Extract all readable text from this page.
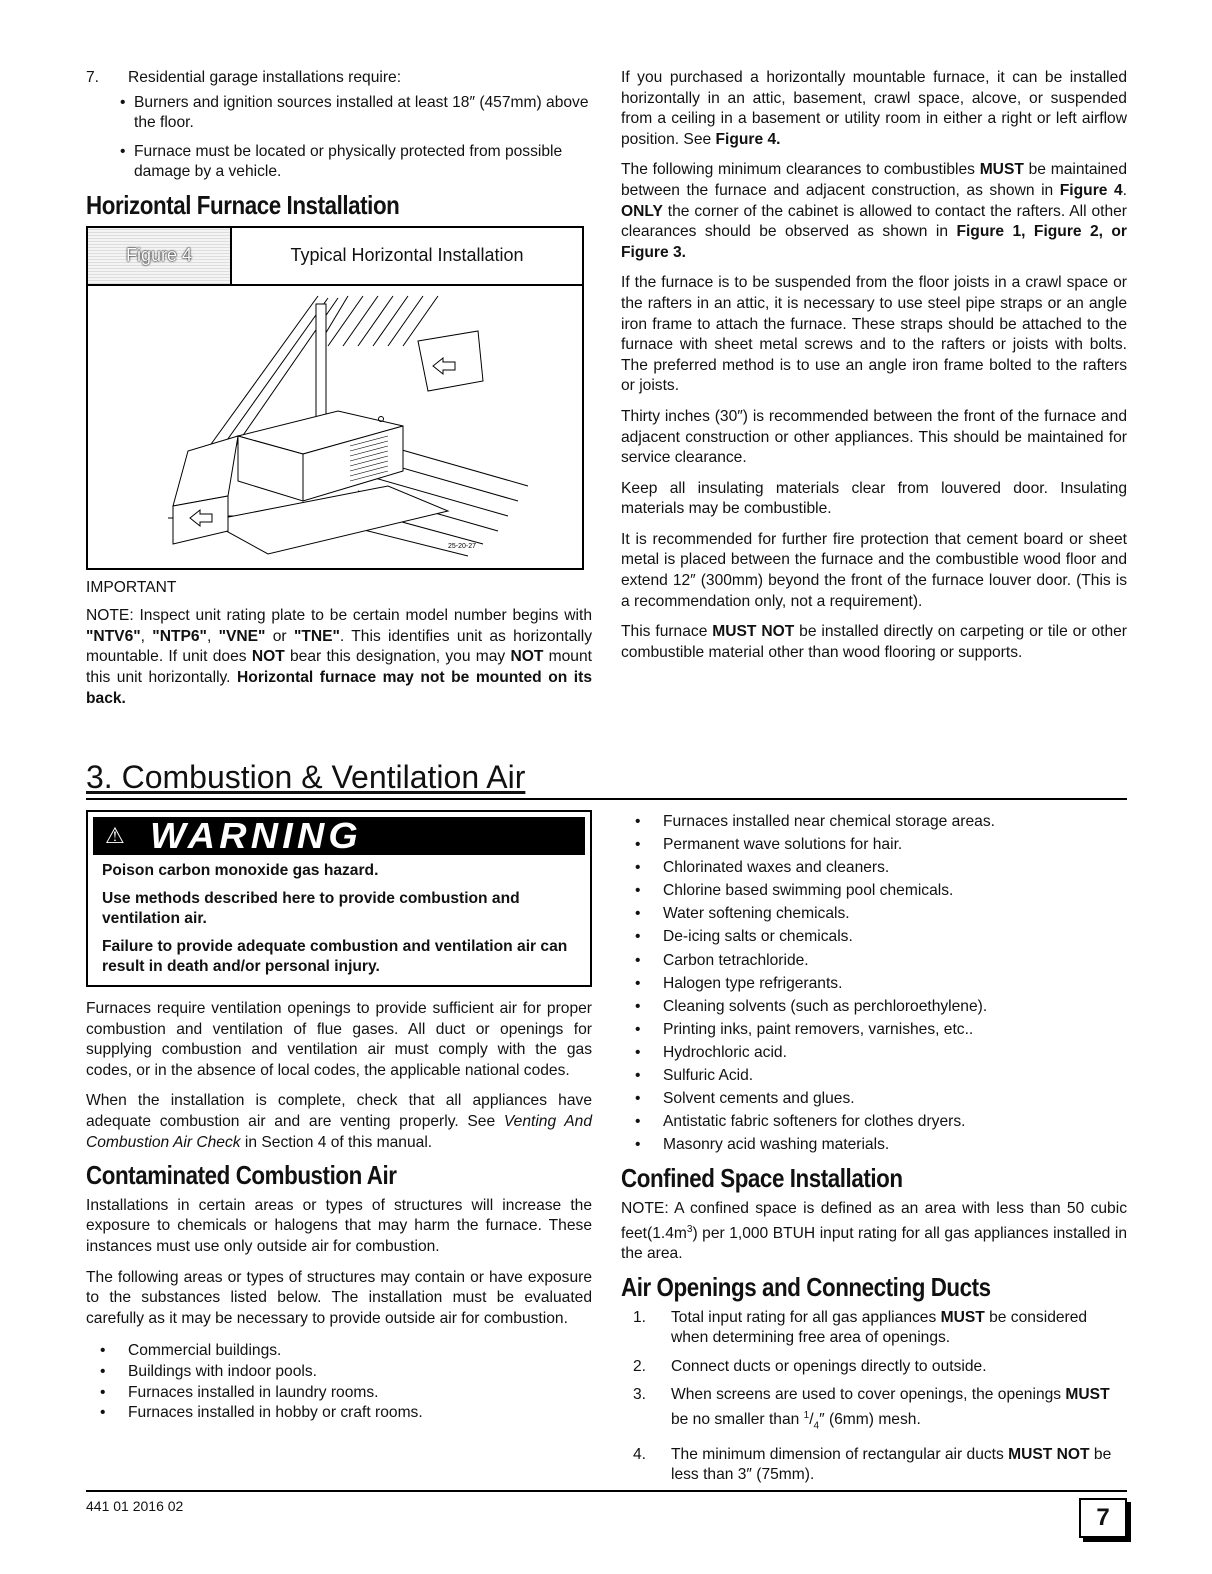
7. Residential garage installations require:
• Burners and ignition sources installed at least 18″ (457mm) above the floor.
• Furnace must be located or physically protected from possible damage by a vehicle.
Horizontal Furnace Installation
Figure 4	Typical Horizontal Installation
25-20-27
IMPORTANT

NOTE: Inspect unit rating plate to be certain model number begins with "NTV6", "NTP6", "VNE" or "TNE". This identifies unit as horizontally mountable. If unit does NOT bear this designation, you may NOT mount this unit horizontally. Horizontal furnace may not be mounted on its back.

If you purchased a horizontally mountable furnace, it can be installed horizontally in an attic, basement, crawl space, alcove, or suspended from a ceiling in a basement or utility room in either a right or left airflow position. See Figure 4.

The following minimum clearances to combustibles MUST be maintained between the furnace and adjacent construction, as shown in Figure 4. ONLY the corner of the cabinet is allowed to contact the rafters. All other clearances should be observed as shown in Figure 1, Figure 2, or Figure 3.

If the furnace is to be suspended from the floor joists in a crawl space or the rafters in an attic, it is necessary to use steel pipe straps or an angle iron frame to attach the furnace. These straps should be attached to the furnace with sheet metal screws and to the rafters or joists with bolts. The preferred method is to use an angle iron frame bolted to the rafters or joists.

Thirty inches (30″) is recommended between the front of the furnace and adjacent construction or other appliances. This should be maintained for service clearance.

Keep all insulating materials clear from louvered door. Insulating materials may be combustible.

It is recommended for further fire protection that cement board or sheet metal is placed between the furnace and the combustible wood floor and extend 12″ (300mm) beyond the front of the furnace louver door. (This is a recommendation only, not a requirement).

This furnace MUST NOT be installed directly on carpeting or tile or other combustible material other than wood flooring or supports.

3. Combustion & Ventilation Air
⚠ WARNING

Poison carbon monoxide gas hazard.

Use methods described here to provide combustion and ventilation air.

Failure to provide adequate combustion and ventilation air can result in death and/or personal injury.

Furnaces require ventilation openings to provide sufficient air for proper combustion and ventilation of flue gases. All duct or openings for supplying combustion and ventilation air must comply with the gas codes, or in the absence of local codes, the applicable national codes.

When the installation is complete, check that all appliances have adequate combustion air and are venting properly. See Venting And Combustion Air Check in Section 4 of this manual.

Contaminated Combustion Air

Installations in certain areas or types of structures will increase the exposure to chemicals or halogens that may harm the furnace. These instances must use only outside air for combustion.

The following areas or types of structures may contain or have exposure to the substances listed below. The installation must be evaluated carefully as it may be necessary to provide outside air for combustion.

• Commercial buildings.
• Buildings with indoor pools.
• Furnaces installed in laundry rooms.
• Furnaces installed in hobby or craft rooms.
• Furnaces installed near chemical storage areas.
• Permanent wave solutions for hair.
• Chlorinated waxes and cleaners.
• Chlorine based swimming pool chemicals.
• Water softening chemicals.
• De-icing salts or chemicals.
• Carbon tetrachloride.
• Halogen type refrigerants.
• Cleaning solvents (such as perchloroethylene).
• Printing inks, paint removers, varnishes, etc..
• Hydrochloric acid.
• Sulfuric Acid.
• Solvent cements and glues.
• Antistatic fabric softeners for clothes dryers.
• Masonry acid washing materials.
Confined Space Installation

NOTE: A confined space is defined as an area with less than 50 cubic $feet(1.4m^3)$ per 1,000 BTUH input rating for all gas appliances installed in the area.

Air Openings and Connecting Ducts
1. Total input rating for all gas appliances MUST be considered when determining free area of openings.
2. Connect ducts or openings directly to outside.
3. When screens are used to cover openings, the openings MUST be no smaller than $^1/_4''$ (6mm) mesh.
4. The minimum dimension of rectangular air ducts MUST NOT be less than 3″ (75mm).
441 01 2016 02	7
